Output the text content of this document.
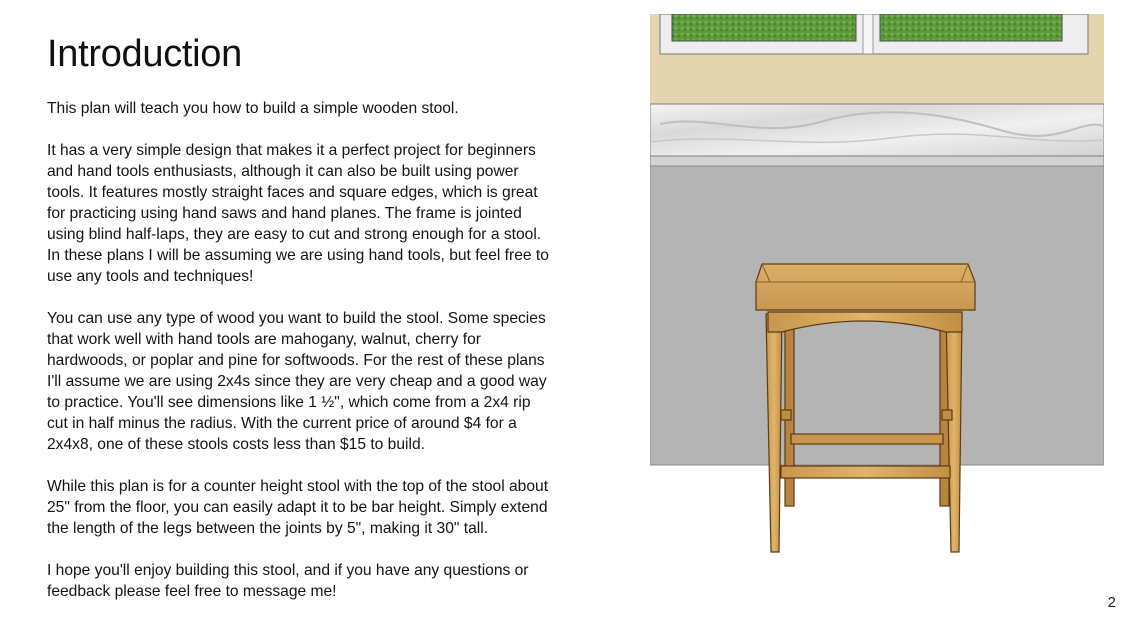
Introduction

This plan will teach you how to build a simple wooden stool.

It has a very simple design that makes it a perfect project for beginners
and hand tools enthusiasts, although it can also be built using power
tools. It features mostly straight faces and square edges, which is great
for practicing using hand saws and hand planes. The frame is jointed
using blind half-laps, they are easy to cut and strong enough for a stool.
In these plans I will be assuming we are using hand tools, but feel free to
use any tools and techniques!

You can use any type of wood you want to build the stool. Some species
that work well with hand tools are mahogany, walnut, cherry for
hardwoods, or poplar and pine for softwoods. For the rest of these plans
I'll assume we are using 2x4s since they are very cheap and a good way
to practice. You'll see dimensions like 1 ½", which come from a 2x4 rip
cut in half minus the radius. With the current price of around $4 for a
2x4x8, one of these stools costs less than $15 to build.

While this plan is for a counter height stool with the top of the stool about
25" from the floor, you can easily adapt it to be bar height. Simply extend
the length of the legs between the joints by 5", making it 30" tall.

I hope you'll enjoy building this stool, and if you have any questions or
feedback please feel free to message me!

2
